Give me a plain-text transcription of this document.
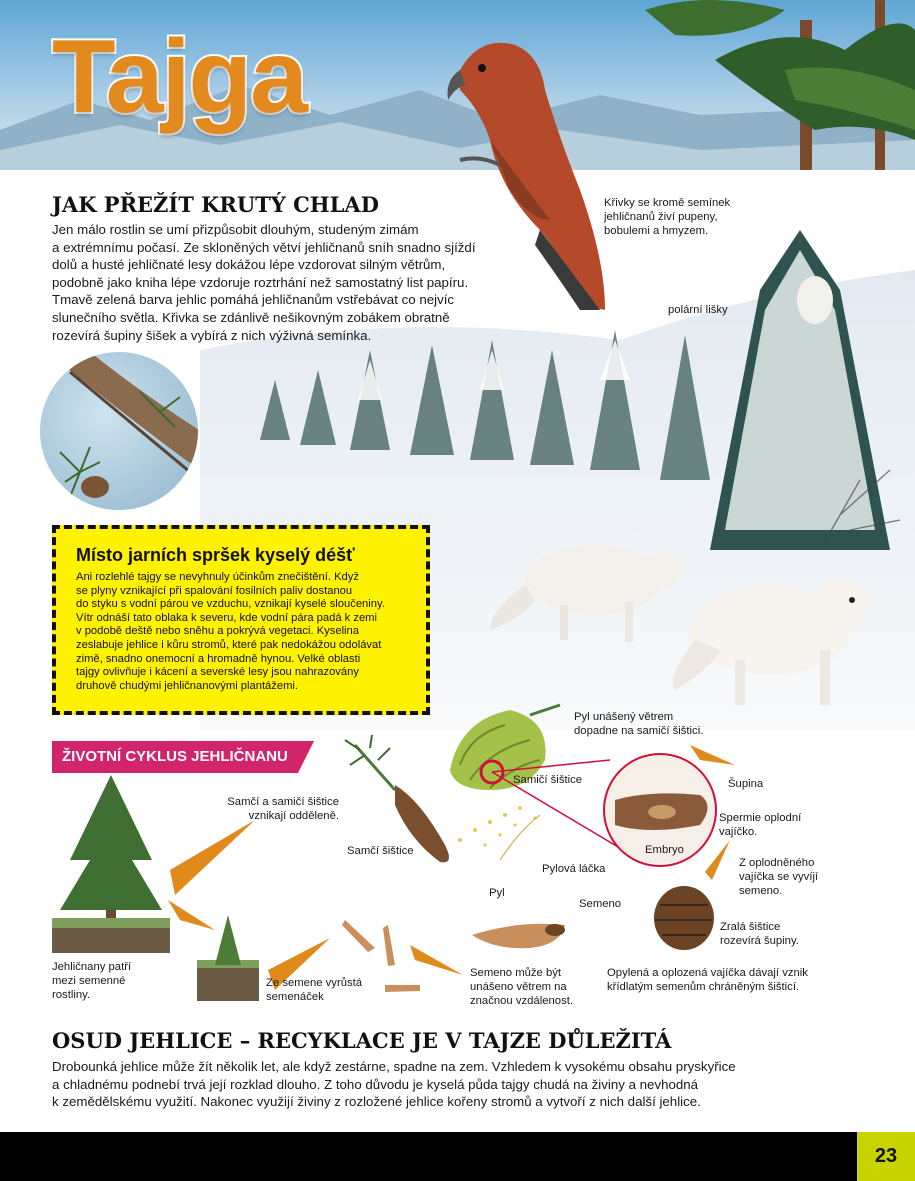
Tajga
JAK PŘEŽÍT KRUTÝ CHLAD
Jen málo rostlin se umí přizpůsobit dlouhým, studeným zimám
a extrémnímu počasí. Ze skloněných větví jehličnanů sníh snadno sjíždí
dolů a husté jehličnaté lesy dokážou lépe vzdorovat silným větrům,
podobně jako kniha lépe vzdoruje roztrhání než samostatný list papíru.
Tmavě zelená barva jehlic pomáhá jehličnanům vstřebávat co nejvíc
slunečního světla. Křivka se zdánlivě nešikovným zobákem obratně
rozevírá šupiny šišek a vybírá z nich výživná semínka.
Křivky se kromě semínek
jehličnanů živí pupeny,
bobulemi a hmyzem.
polární lišky
Místo jarních spršek kyselý déšť
Ani rozlehlé tajgy se nevyhnuly účinkům znečištění. Když
se plyny vznikající při spalování fosilních paliv dostanou
do styku s vodní párou ve vzduchu, vznikají kyselé sloučeniny.
Vítr odnáší tato oblaka k severu, kde vodní pára padá k zemi
v podobě deště nebo sněhu a pokrývá vegetaci. Kyselina
zeslabuje jehlice i kůru stromů, které pak nedokážou odolávat
zimě, snadno onemocní a hromadně hynou. Velké oblasti
tajgy ovlivňuje i kácení a severské lesy jsou nahrazovány
druhově chudými jehličnanovými plantážemi.
ŽIVOTNÍ CYKLUS JEHLIČNANU
Samčí a samičí šištice
vznikají odděleně.
Pyl unášený větrem
dopadne na samičí šištici.
Samičí šištice	Šupina
Spermie oplodní
vajíčko.
Embryo
Samčí šištice
Pylová láčka	Z oplodněného
vajíčka se vyvíjí
semeno.
Pyl
Semeno
Zralá šištice
rozevírá šupiny.
Jehličnany patří
mezi semenné
rostliny.
Ze semene vyrůstá
semenáček
Semeno může být
unášeno větrem na
značnou vzdálenost.
Opylená a oplozená vajíčka dávají vznik
křídlatým semenům chráněným šišticí.
OSUD JEHLICE – RECYKLACE JE V TAJZE DŮLEŽITÁ
Drobounká jehlice může žít několik let, ale když zestárne, spadne na zem. Vzhledem k vysokému obsahu pryskyřice
a chladnému podnebí trvá její rozklad dlouho. Z toho důvodu je kyselá půda tajgy chudá na živiny a nevhodná
k zemědělskému využití. Nakonec využijí živiny z rozložené jehlice kořeny stromů a vytvoří z nich další jehlice.
23
